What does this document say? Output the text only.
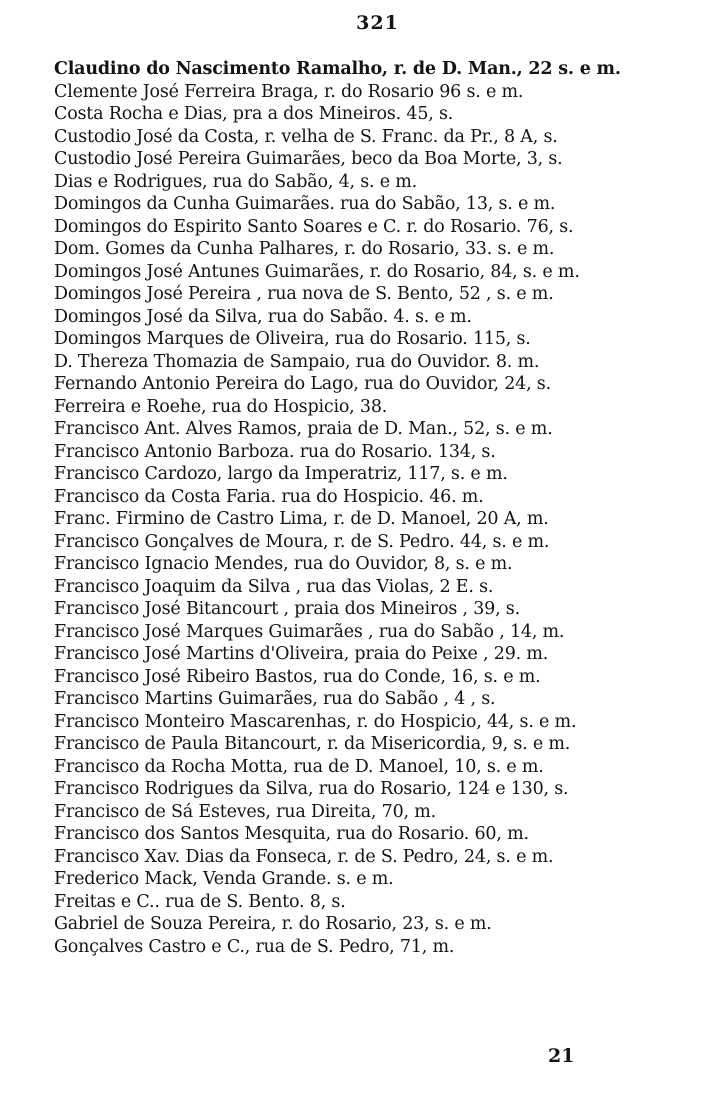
321
Claudino do Nascimento Ramalho, r. de D. Man., 22 s. e m.
Clemente José Ferreira Braga, r. do Rosario 96 s. e m.
Costa Rocha e Dias, pra a dos Mineiros. 45, s.
Custodio José da Costa, r. velha de S. Franc. da Pr., 8 A, s.
Custodio José Pereira Guimarães, beco da Boa Morte, 3, s.
Dias e Rodrigues, rua do Sabão, 4, s. e m.
Domingos da Cunha Guimarães. rua do Sabão, 13, s. e m.
Domingos do Espirito Santo Soares e C. r. do Rosario. 76, s.
Dom. Gomes da Cunha Palhares, r. do Rosario, 33. s. e m.
Domingos José Antunes Guimarães, r. do Rosario, 84, s. e m.
Domingos José Pereira , rua nova de S. Bento, 52 , s. e m.
Domingos José da Silva, rua do Sabão. 4. s. e m.
Domingos Marques de Oliveira, rua do Rosario. 115, s.
D. Thereza Thomazia de Sampaio, rua do Ouvidor. 8. m.
Fernando Antonio Pereira do Lago, rua do Ouvidor, 24, s.
Ferreira e Roehe, rua do Hospicio, 38.
Francisco Ant. Alves Ramos, praia de D. Man., 52, s. e m.
Francisco Antonio Barboza. rua do Rosario. 134, s.
Francisco Cardozo, largo da Imperatriz, 117, s. e m.
Francisco da Costa Faria. rua do Hospicio. 46. m.
Franc. Firmino de Castro Lima, r. de D. Manoel, 20 A, m.
Francisco Gonçalves de Moura, r. de S. Pedro. 44, s. e m.
Francisco Ignacio Mendes, rua do Ouvidor, 8, s. e m.
Francisco Joaquim da Silva , rua das Violas, 2 E. s.
Francisco José Bitancourt , praia dos Mineiros , 39, s.
Francisco José Marques Guimarães , rua do Sabão , 14, m.
Francisco José Martins d'Oliveira, praia do Peixe , 29. m.
Francisco José Ribeiro Bastos, rua do Conde, 16, s. e m.
Francisco Martins Guimarães, rua do Sabão , 4 , s.
Francisco Monteiro Mascarenhas, r. do Hospicio, 44, s. e m.
Francisco de Paula Bitancourt, r. da Misericordia, 9, s. e m.
Francisco da Rocha Motta, rua de D. Manoel, 10, s. e m.
Francisco Rodrigues da Silva, rua do Rosario, 124 e 130, s.
Francisco de Sá Esteves, rua Direita, 70, m.
Francisco dos Santos Mesquita, rua do Rosario. 60, m.
Francisco Xav. Dias da Fonseca, r. de S. Pedro, 24, s. e m.
Frederico Mack, Venda Grande. s. e m.
Freitas e C.. rua de S. Bento. 8, s.
Gabriel de Souza Pereira, r. do Rosario, 23, s. e m.
Gonçalves Castro e C., rua de S. Pedro, 71, m.
21
